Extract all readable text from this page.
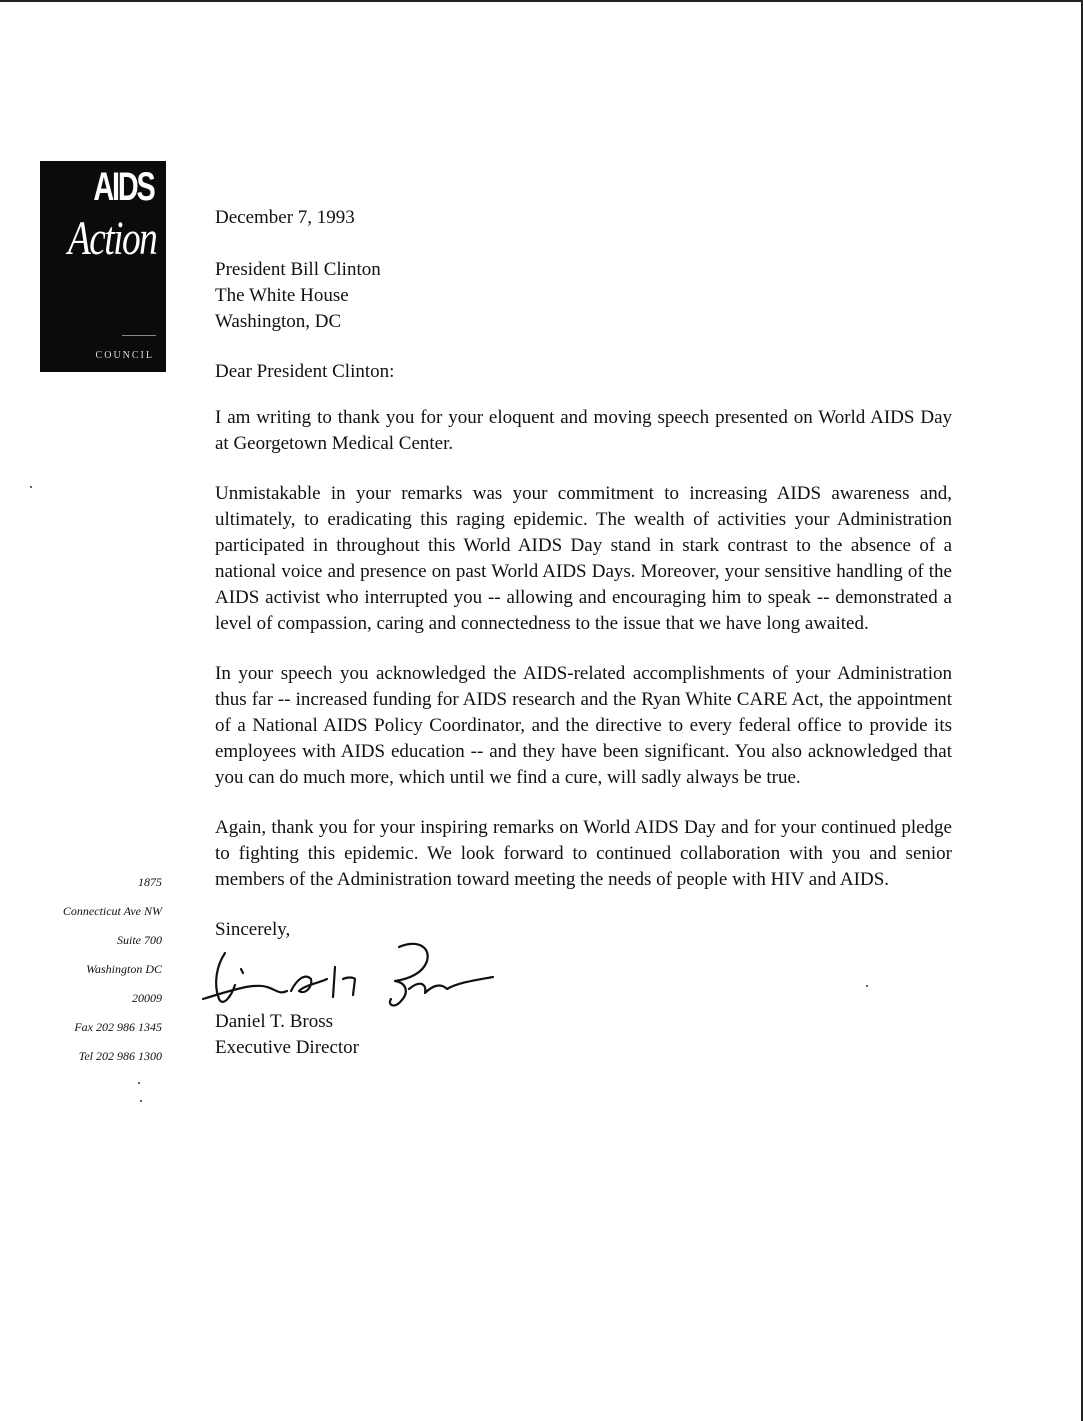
AIDS
Action
COUNCIL

December 7, 1993

President Bill Clinton

The White House

Washington, DC

Dear President Clinton:

I am writing to thank you for your eloquent and moving speech presented on World AIDS Day at Georgetown Medical Center.

Unmistakable in your remarks was your commitment to increasing AIDS awareness and, ultimately, to eradicating this raging epidemic. The wealth of activities your Administration participated in throughout this World AIDS Day stand in stark contrast to the absence of a national voice and presence on past World AIDS Days. Moreover, your sensitive handling of the AIDS activist who interrupted you -- allowing and encouraging him to speak -- demonstrated a level of compassion, caring and connectedness to the issue that we have long awaited.

In your speech you acknowledged the AIDS-related accomplishments of your Administration thus far -- increased funding for AIDS research and the Ryan White CARE Act, the appointment of a National AIDS Policy Coordinator, and the directive to every federal office to provide its employees with AIDS education -- and they have been significant. You also acknowledged that you can do much more, which until we find a cure, will sadly always be true.

Again, thank you for your inspiring remarks on World AIDS Day and for your continued pledge to fighting this epidemic. We look forward to continued collaboration with you and senior members of the Administration toward meeting the needs of people with HIV and AIDS.

Sincerely,

Daniel T. Bross

Executive Director

1875
Connecticut Ave NW
Suite 700
Washington DC
20009
Fax 202 986 1345
Tel 202 986 1300
